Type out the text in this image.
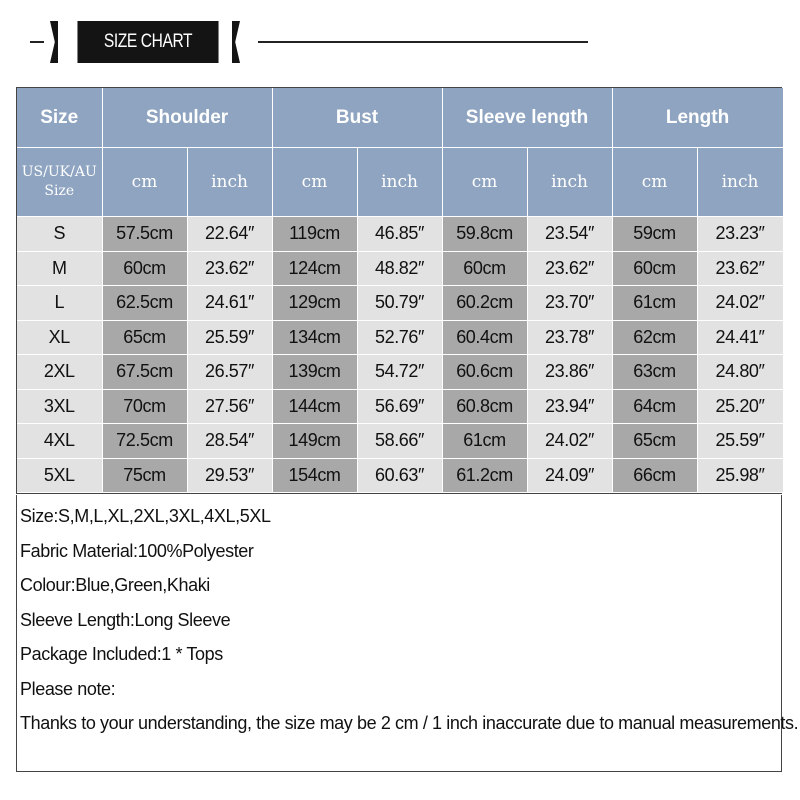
SIZE CHART
Size	Shoulder		Bust		Sleeve length		Length	
US/UK/AU
Size	cm	inch	cm	inch	cm	inch	cm	inch
S	57.5cm	22.64″	119cm	46.85″	59.8cm	23.54″	59cm	23.23″
M	60cm	23.62″	124cm	48.82″	60cm	23.62″	60cm	23.62″
L	62.5cm	24.61″	129cm	50.79″	60.2cm	23.70″	61cm	24.02″
XL	65cm	25.59″	134cm	52.76″	60.4cm	23.78″	62cm	24.41″
2XL	67.5cm	26.57″	139cm	54.72″	60.6cm	23.86″	63cm	24.80″
3XL	70cm	27.56″	144cm	56.69″	60.8cm	23.94″	64cm	25.20″
4XL	72.5cm	28.54″	149cm	58.66″	61cm	24.02″	65cm	25.59″
5XL	75cm	29.53″	154cm	60.63″	61.2cm	24.09″	66cm	25.98″
Size:S,M,L,XL,2XL,3XL,4XL,5XL
Fabric Material:100%Polyester
Colour:Blue,Green,Khaki
Sleeve Length:Long Sleeve
Package Included:1 * Tops
Please note:
Thanks to your understanding, the size may be 2 cm / 1 inch inaccurate due to manual measurements.
